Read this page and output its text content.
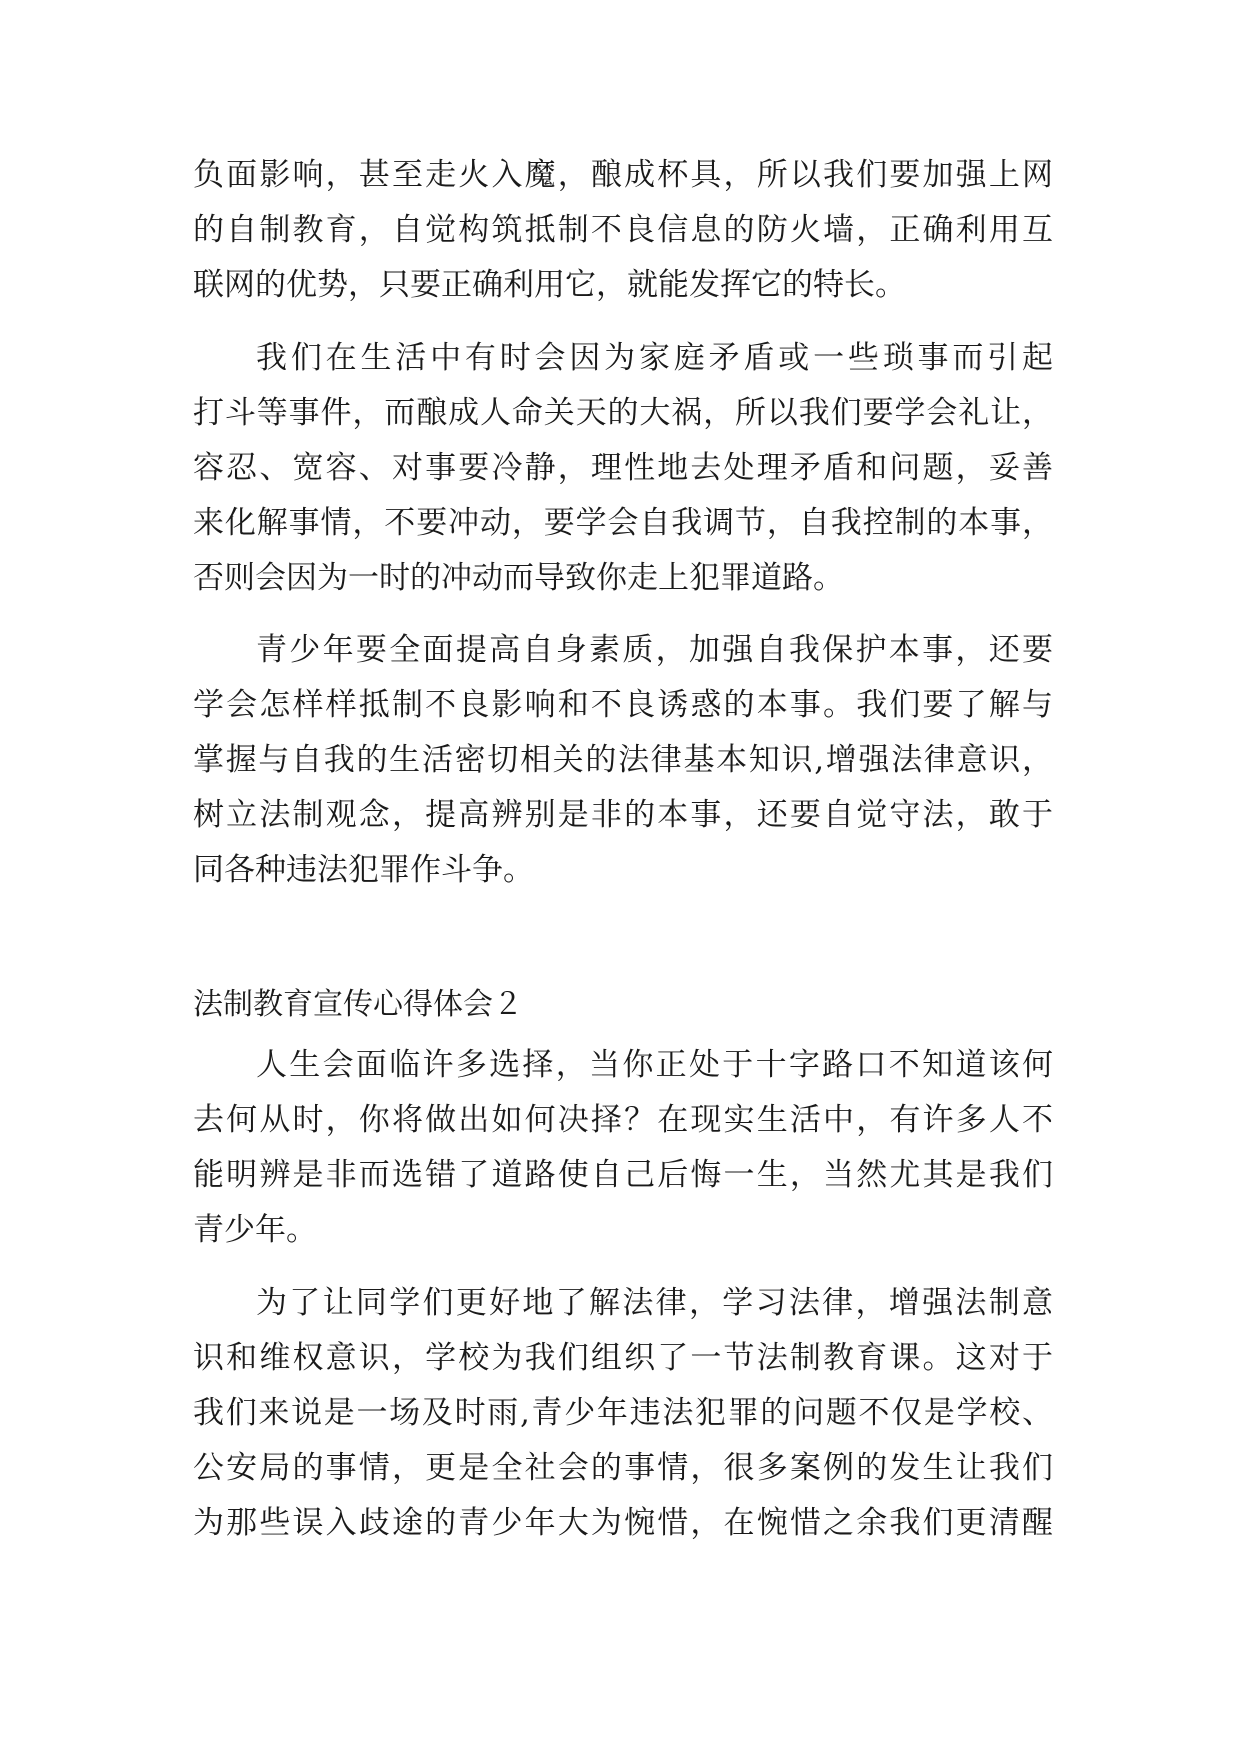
负面影响，甚至走火入魔，酿成杯具，所以我们要加强上网
的自制教育，自觉构筑抵制不良信息的防火墙，正确利用互
联网的优势，只要正确利用它，就能发挥它的特长。
我们在生活中有时会因为家庭矛盾或一些琐事而引起
打斗等事件，而酿成人命关天的大祸，所以我们要学会礼让，
容忍、宽容、对事要冷静，理性地去处理矛盾和问题，妥善
来化解事情，不要冲动，要学会自我调节，自我控制的本事，
否则会因为一时的冲动而导致你走上犯罪道路。
青少年要全面提高自身素质，加强自我保护本事，还要
学会怎样样抵制不良影响和不良诱惑的本事。我们要了解与
掌握与自我的生活密切相关的法律基本知识,增强法律意识，
树立法制观念，提高辨别是非的本事，还要自觉守法，敢于
同各种违法犯罪作斗争。
法制教育宣传心得体会２
人生会面临许多选择，当你正处于十字路口不知道该何
去何从时，你将做出如何决择？在现实生活中，有许多人不
能明辨是非而选错了道路使自己后悔一生，当然尤其是我们
青少年。
为了让同学们更好地了解法律，学习法律，增强法制意
识和维权意识，学校为我们组织了一节法制教育课。这对于
我们来说是一场及时雨,青少年违法犯罪的问题不仅是学校、
公安局的事情，更是全社会的事情，很多案例的发生让我们
为那些误入歧途的青少年大为惋惜，在惋惜之余我们更清醒
